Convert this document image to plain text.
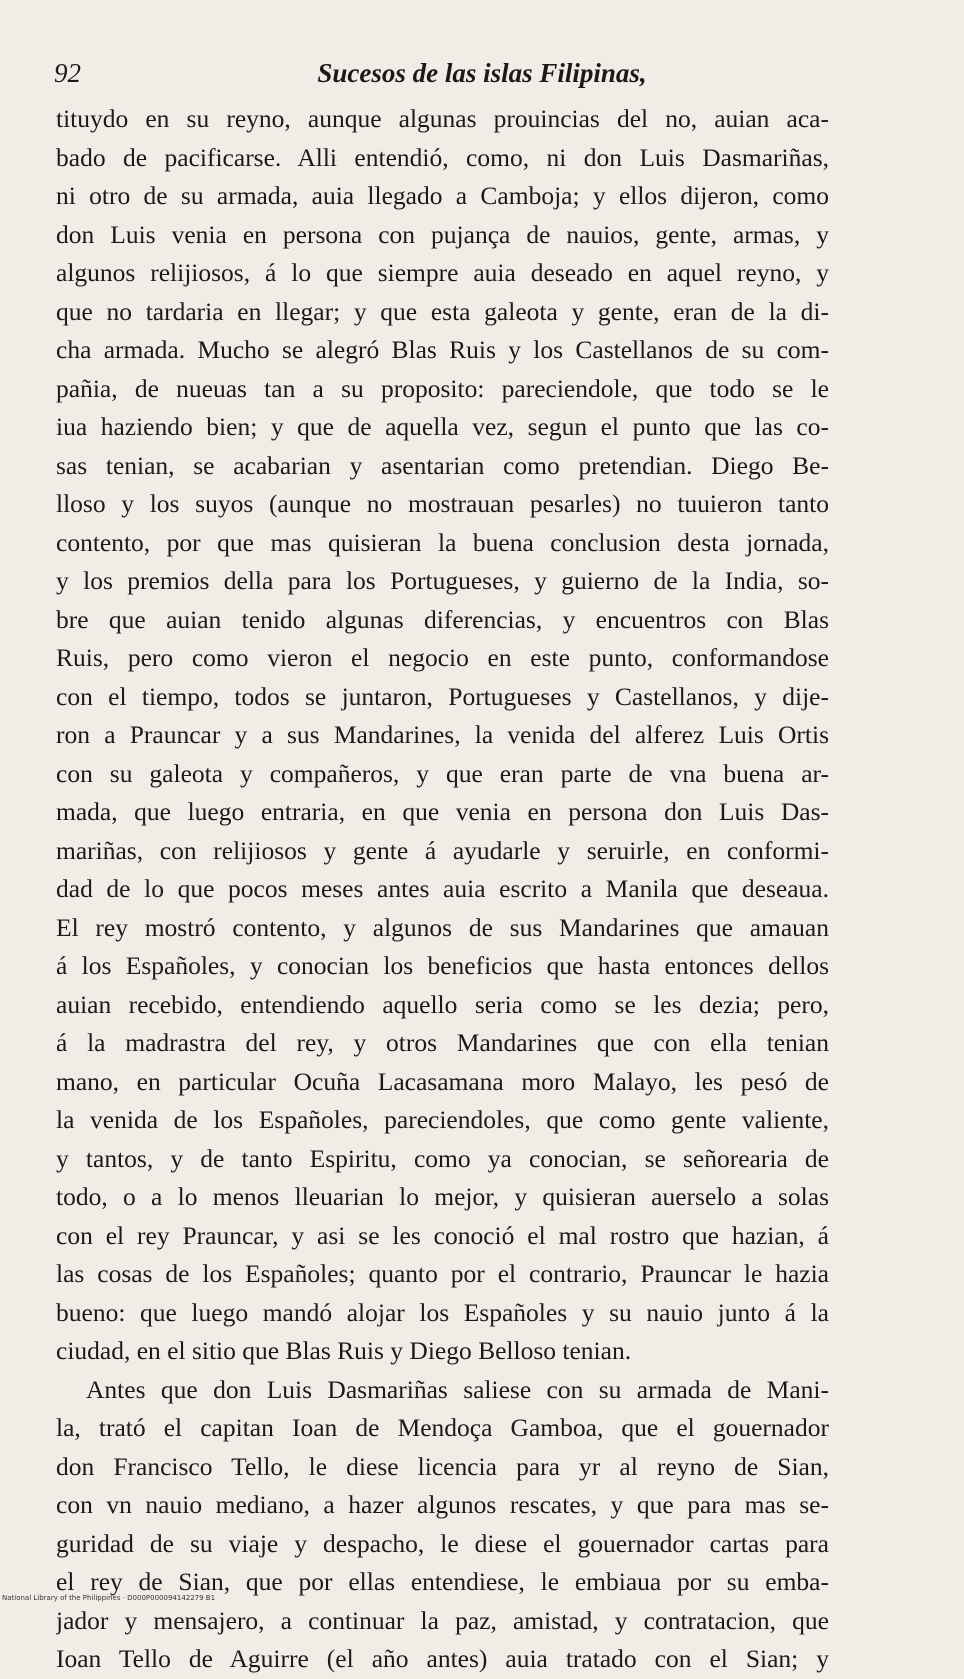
92	Sucesos de las islas Filipinas,
tituydo en su reyno, aunque algunas prouincias del no, auian aca-
bado de pacificarse. Alli entendió, como, ni don Luis Dasmariñas,
ni otro de su armada, auia llegado a Camboja; y ellos dijeron, como
don Luis venia en persona con pujança de nauios, gente, armas, y
algunos relijiosos, á lo que siempre auia deseado en aquel reyno, y
que no tardaria en llegar; y que esta galeota y gente, eran de la di-
cha armada. Mucho se alegró Blas Ruis y los Castellanos de su com-
pañia, de nueuas tan a su proposito: pareciendole, que todo se le
iua haziendo bien; y que de aquella vez, segun el punto que las co-
sas tenian, se acabarian y asentarian como pretendian. Diego Be-
lloso y los suyos (aunque no mostrauan pesarles) no tuuieron tanto
contento, por que mas quisieran la buena conclusion desta jornada,
y los premios della para los Portugueses, y guierno de la India, so-
bre que auian tenido algunas diferencias, y encuentros con Blas
Ruis, pero como vieron el negocio en este punto, conformandose
con el tiempo, todos se juntaron, Portugueses y Castellanos, y dije-
ron a Prauncar y a sus Mandarines, la venida del alferez Luis Ortis
con su galeota y compañeros, y que eran parte de vna buena ar-
mada, que luego entraria, en que venia en persona don Luis Das-
mariñas, con relijiosos y gente á ayudarle y seruirle, en conformi-
dad de lo que pocos meses antes auia escrito a Manila que deseaua.
El rey mostró contento, y algunos de sus Mandarines que amauan
á los Españoles, y conocian los beneficios que hasta entonces dellos
auian recebido, entendiendo aquello seria como se les dezia; pero,
á la madrastra del rey, y otros Mandarines que con ella tenian
mano, en particular Ocuña Lacasamana moro Malayo, les pesó de
la venida de los Españoles, pareciendoles, que como gente valiente,
y tantos, y de tanto Espiritu, como ya conocian, se señorearia de
todo, o a lo menos lleuarian lo mejor, y quisieran auerselo a solas
con el rey Prauncar, y asi se les conoció el mal rostro que hazian, á
las cosas de los Españoles; quanto por el contrario, Prauncar le hazia
bueno: que luego mandó alojar los Españoles y su nauio junto á la
ciudad, en el sitio que Blas Ruis y Diego Belloso tenian.
Antes que don Luis Dasmariñas saliese con su armada de Mani-
la, trató el capitan Ioan de Mendoça Gamboa, que el gouernador
don Francisco Tello, le diese licencia para yr al reyno de Sian,
con vn nauio mediano, a hazer algunos rescates, y que para mas se-
guridad de su viaje y despacho, le diese el gouernador cartas para
el rey de Sian, que por ellas entendiese, le embiaua por su emba-
jador y mensajero, a continuar la paz, amistad, y contratacion, que
Ioan Tello de Aguirre (el año antes) auia tratado con el Sian; y
National Library of the Philippines · D000P000094142279 B1
